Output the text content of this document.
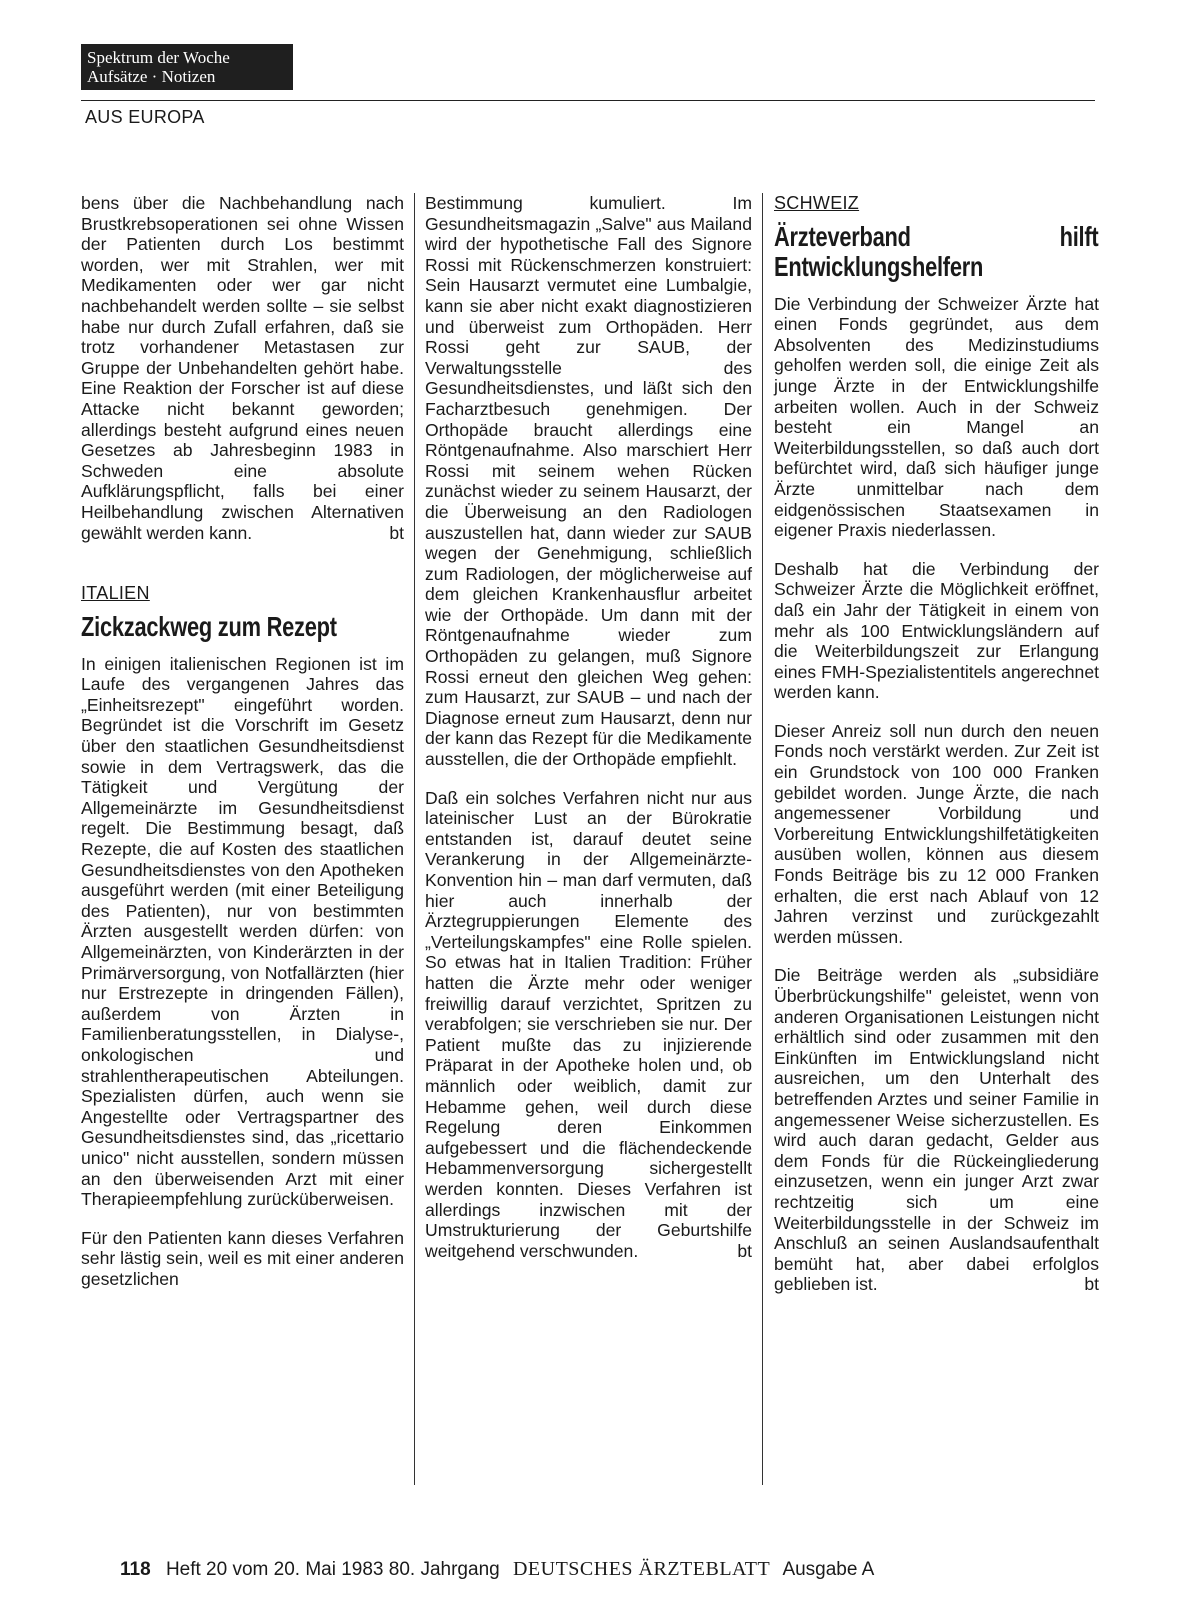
Spektrum der Woche
Aufsätze · Notizen
AUS EUROPA

bens über die Nachbehandlung nach Brustkrebsoperationen sei ohne Wissen der Patienten durch Los bestimmt worden, wer mit Strahlen, wer mit Medikamenten oder wer gar nicht nachbehandelt werden sollte – sie selbst habe nur durch Zufall erfahren, daß sie trotz vorhandener Metastasen zur Gruppe der Unbehandelten gehört habe. Eine Reaktion der Forscher ist auf diese Attacke nicht bekannt geworden; allerdings besteht aufgrund eines neuen Gesetzes ab Jahresbeginn 1983 in Schweden eine absolute Aufklärungspflicht, falls bei einer Heilbehandlung zwischen Alternativen gewählt werden kann.	bt

ITALIEN
Zickzackweg zum Rezept

In einigen italienischen Regionen ist im Laufe des vergangenen Jahres das „Einheitsrezept" eingeführt worden. Begründet ist die Vorschrift im Gesetz über den staatlichen Gesundheitsdienst sowie in dem Vertragswerk, das die Tätigkeit und Vergütung der Allgemeinärzte im Gesundheitsdienst regelt. Die Bestimmung besagt, daß Rezepte, die auf Kosten des staatlichen Gesundheitsdienstes von den Apotheken ausgeführt werden (mit einer Beteiligung des Patienten), nur von bestimmten Ärzten ausgestellt werden dürfen: von Allgemeinärzten, von Kinderärzten in der Primärversorgung, von Notfallärzten (hier nur Erstrezepte in dringenden Fällen), außerdem von Ärzten in Familienberatungsstellen, in Dialyse-, onkologischen und strahlentherapeutischen Abteilungen. Spezialisten dürfen, auch wenn sie Angestellte oder Vertragspartner des Gesundheitsdienstes sind, das „ricettario unico" nicht ausstellen, sondern müssen an den überweisenden Arzt mit einer Therapieempfehlung zurücküberweisen.

Für den Patienten kann dieses Verfahren sehr lästig sein, weil es mit einer anderen gesetzlichen

Bestimmung kumuliert. Im Gesundheitsmagazin „Salve" aus Mailand wird der hypothetische Fall des Signore Rossi mit Rückenschmerzen konstruiert: Sein Hausarzt vermutet eine Lumbalgie, kann sie aber nicht exakt diagnostizieren und überweist zum Orthopäden. Herr Rossi geht zur SAUB, der Verwaltungsstelle des Gesundheitsdienstes, und läßt sich den Facharztbesuch genehmigen. Der Orthopäde braucht allerdings eine Röntgenaufnahme. Also marschiert Herr Rossi mit seinem wehen Rücken zunächst wieder zu seinem Hausarzt, der die Überweisung an den Radiologen auszustellen hat, dann wieder zur SAUB wegen der Genehmigung, schließlich zum Radiologen, der möglicherweise auf dem gleichen Krankenhausflur arbeitet wie der Orthopäde. Um dann mit der Röntgenaufnahme wieder zum Orthopäden zu gelangen, muß Signore Rossi erneut den gleichen Weg gehen: zum Hausarzt, zur SAUB – und nach der Diagnose erneut zum Hausarzt, denn nur der kann das Rezept für die Medikamente ausstellen, die der Orthopäde empfiehlt.

Daß ein solches Verfahren nicht nur aus lateinischer Lust an der Bürokratie entstanden ist, darauf deutet seine Verankerung in der Allgemeinärzte-Konvention hin – man darf vermuten, daß hier auch innerhalb der Ärztegruppierungen Elemente des „Verteilungskampfes" eine Rolle spielen. So etwas hat in Italien Tradition: Früher hatten die Ärzte mehr oder weniger freiwillig darauf verzichtet, Spritzen zu verabfolgen; sie verschrieben sie nur. Der Patient mußte das zu injizierende Präparat in der Apotheke holen und, ob männlich oder weiblich, damit zur Hebamme gehen, weil durch diese Regelung deren Einkommen aufgebessert und die flächendeckende Hebammenversorgung sichergestellt werden konnten. Dieses Verfahren ist allerdings inzwischen mit der Umstrukturierung der Geburtshilfe weitgehend verschwunden.	bt

SCHWEIZ
Ärzteverband hilft Entwicklungshelfern

Die Verbindung der Schweizer Ärzte hat einen Fonds gegründet, aus dem Absolventen des Medizinstudiums geholfen werden soll, die einige Zeit als junge Ärzte in der Entwicklungshilfe arbeiten wollen. Auch in der Schweiz besteht ein Mangel an Weiterbildungsstellen, so daß auch dort befürchtet wird, daß sich häufiger junge Ärzte unmittelbar nach dem eidgenössischen Staatsexamen in eigener Praxis niederlassen.

Deshalb hat die Verbindung der Schweizer Ärzte die Möglichkeit eröffnet, daß ein Jahr der Tätigkeit in einem von mehr als 100 Entwicklungsländern auf die Weiterbildungszeit zur Erlangung eines FMH-Spezialistentitels angerechnet werden kann.

Dieser Anreiz soll nun durch den neuen Fonds noch verstärkt werden. Zur Zeit ist ein Grundstock von 100 000 Franken gebildet worden. Junge Ärzte, die nach angemessener Vorbildung und Vorbereitung Entwicklungshilfetätigkeiten ausüben wollen, können aus diesem Fonds Beiträge bis zu 12 000 Franken erhalten, die erst nach Ablauf von 12 Jahren verzinst und zurückgezahlt werden müssen.

Die Beiträge werden als „subsidiäre Überbrückungshilfe" geleistet, wenn von anderen Organisationen Leistungen nicht erhältlich sind oder zusammen mit den Einkünften im Entwicklungsland nicht ausreichen, um den Unterhalt des betreffenden Arztes und seiner Familie in angemessener Weise sicherzustellen. Es wird auch daran gedacht, Gelder aus dem Fonds für die Rückeingliederung einzusetzen, wenn ein junger Arzt zwar rechtzeitig sich um eine Weiterbildungsstelle in der Schweiz im Anschluß an seinen Auslandsaufenthalt bemüht hat, aber dabei erfolglos geblieben ist.	bt

118 Heft 20 vom 20. Mai 1983 80. Jahrgang DEUTSCHES ÄRZTEBLATT Ausgabe A
